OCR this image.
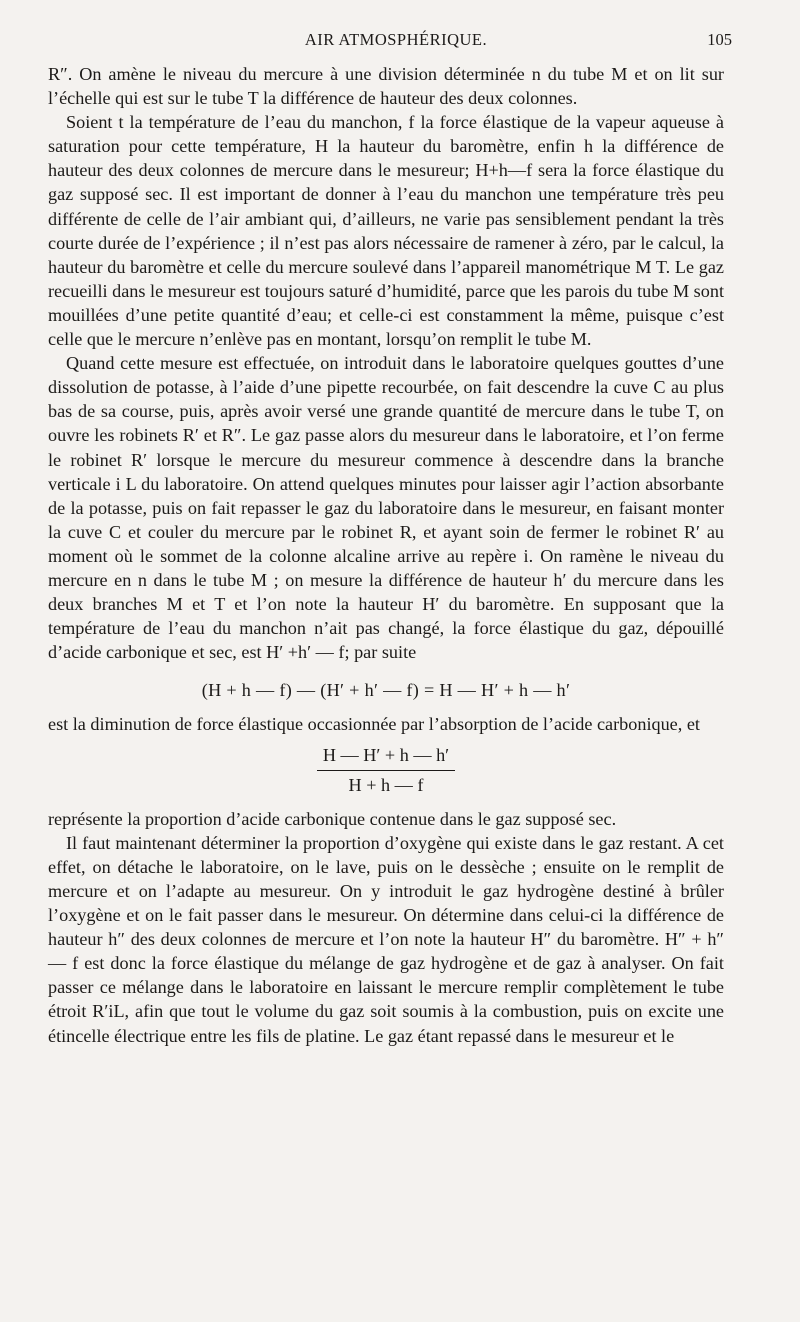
AIR ATMOSPHÉRIQUE.	105

R″. On amène le niveau du mercure à une division déterminée n du tube M et on lit sur l’échelle qui est sur le tube T la différence de hauteur des deux colonnes.

Soient t la température de l’eau du manchon, f la force élastique de la vapeur aqueuse à saturation pour cette température, H la hauteur du baromètre, enfin h la différence de hauteur des deux colonnes de mercure dans le mesureur; H+h—f sera la force élastique du gaz supposé sec. Il est important de donner à l’eau du manchon une température très peu différente de celle de l’air ambiant qui, d’ailleurs, ne varie pas sensiblement pendant la très courte durée de l’expérience ; il n’est pas alors nécessaire de ramener à zéro, par le calcul, la hauteur du baromètre et celle du mercure soulevé dans l’appareil manométrique M T. Le gaz recueilli dans le mesureur est toujours saturé d’humidité, parce que les parois du tube M sont mouillées d’une petite quantité d’eau; et celle-ci est constamment la même, puisque c’est celle que le mercure n’enlève pas en montant, lorsqu’on remplit le tube M.

Quand cette mesure est effectuée, on introduit dans le laboratoire quelques gouttes d’une dissolution de potasse, à l’aide d’une pipette recourbée, on fait descendre la cuve C au plus bas de sa course, puis, après avoir versé une grande quantité de mercure dans le tube T, on ouvre les robinets R′ et R″. Le gaz passe alors du mesureur dans le laboratoire, et l’on ferme le robinet R′ lorsque le mercure du mesureur commence à descendre dans la branche verticale i L du laboratoire. On attend quelques minutes pour laisser agir l’action absorbante de la potasse, puis on fait repasser le gaz du laboratoire dans le mesureur, en faisant monter la cuve C et couler du mercure par le robinet R, et ayant soin de fermer le robinet R′ au moment où le sommet de la colonne alcaline arrive au repère i. On ramène le niveau du mercure en n dans le tube M ; on mesure la différence de hauteur h′ du mercure dans les deux branches M et T et l’on note la hauteur H′ du baromètre. En supposant que la température de l’eau du manchon n’ait pas changé, la force élastique du gaz, dépouillé d’acide carbonique et sec, est H′ +h′ — f; par suite

(H + h — f) — (H′ + h′ — f) = H — H′ + h — h′

est la diminution de force élastique occasionnée par l’absorption de l’acide carbonique, et

$\frac{H — H' + h — h'}{H + h — f}$

représente la proportion d’acide carbonique contenue dans le gaz supposé sec.

Il faut maintenant déterminer la proportion d’oxygène qui existe dans le gaz restant. A cet effet, on détache le laboratoire, on le lave, puis on le dessèche ; ensuite on le remplit de mercure et on l’adapte au mesureur. On y introduit le gaz hydrogène destiné à brûler l’oxygène et on le fait passer dans le mesureur. On détermine dans celui-ci la différence de hauteur h″ des deux colonnes de mercure et l’on note la hauteur H″ du baromètre. H″ + h″ — f est donc la force élastique du mélange de gaz hydrogène et de gaz à analyser. On fait passer ce mélange dans le laboratoire en laissant le mercure remplir complètement le tube étroit R′iL, afin que tout le volume du gaz soit soumis à la combustion, puis on excite une étincelle électrique entre les fils de platine. Le gaz étant repassé dans le mesureur et le
